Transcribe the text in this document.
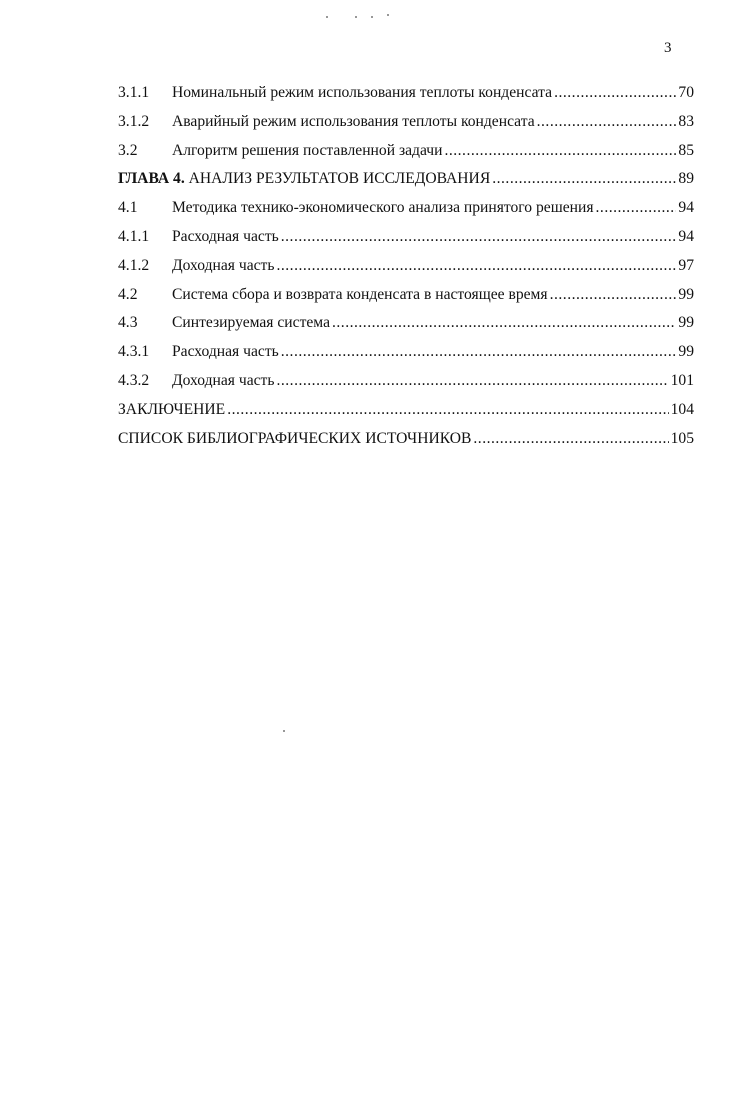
3
3.1.1	Номинальный режим использования теплоты конденсата .....	70
3.1.2	Аварийный режим использования теплоты конденсата .....	83
3.2	Алгоритм решения поставленной задачи .....	85
ГЛАВА 4. АНАЛИЗ РЕЗУЛЬТАТОВ ИССЛЕДОВАНИЯ .....	89
4.1	Методика технико-экономического анализа принятого решения .....	94
4.1.1	Расходная часть .....	94
4.1.2	Доходная часть .....	97
4.2	Система сбора и возврата конденсата в настоящее время .....	99
4.3	Синтезируемая система .....	99
4.3.1	Расходная часть .....	99
4.3.2	Доходная часть .....	101
ЗАКЛЮЧЕНИЕ .....	104
СПИСОК БИБЛИОГРАФИЧЕСКИХ ИСТОЧНИКОВ .....	105
